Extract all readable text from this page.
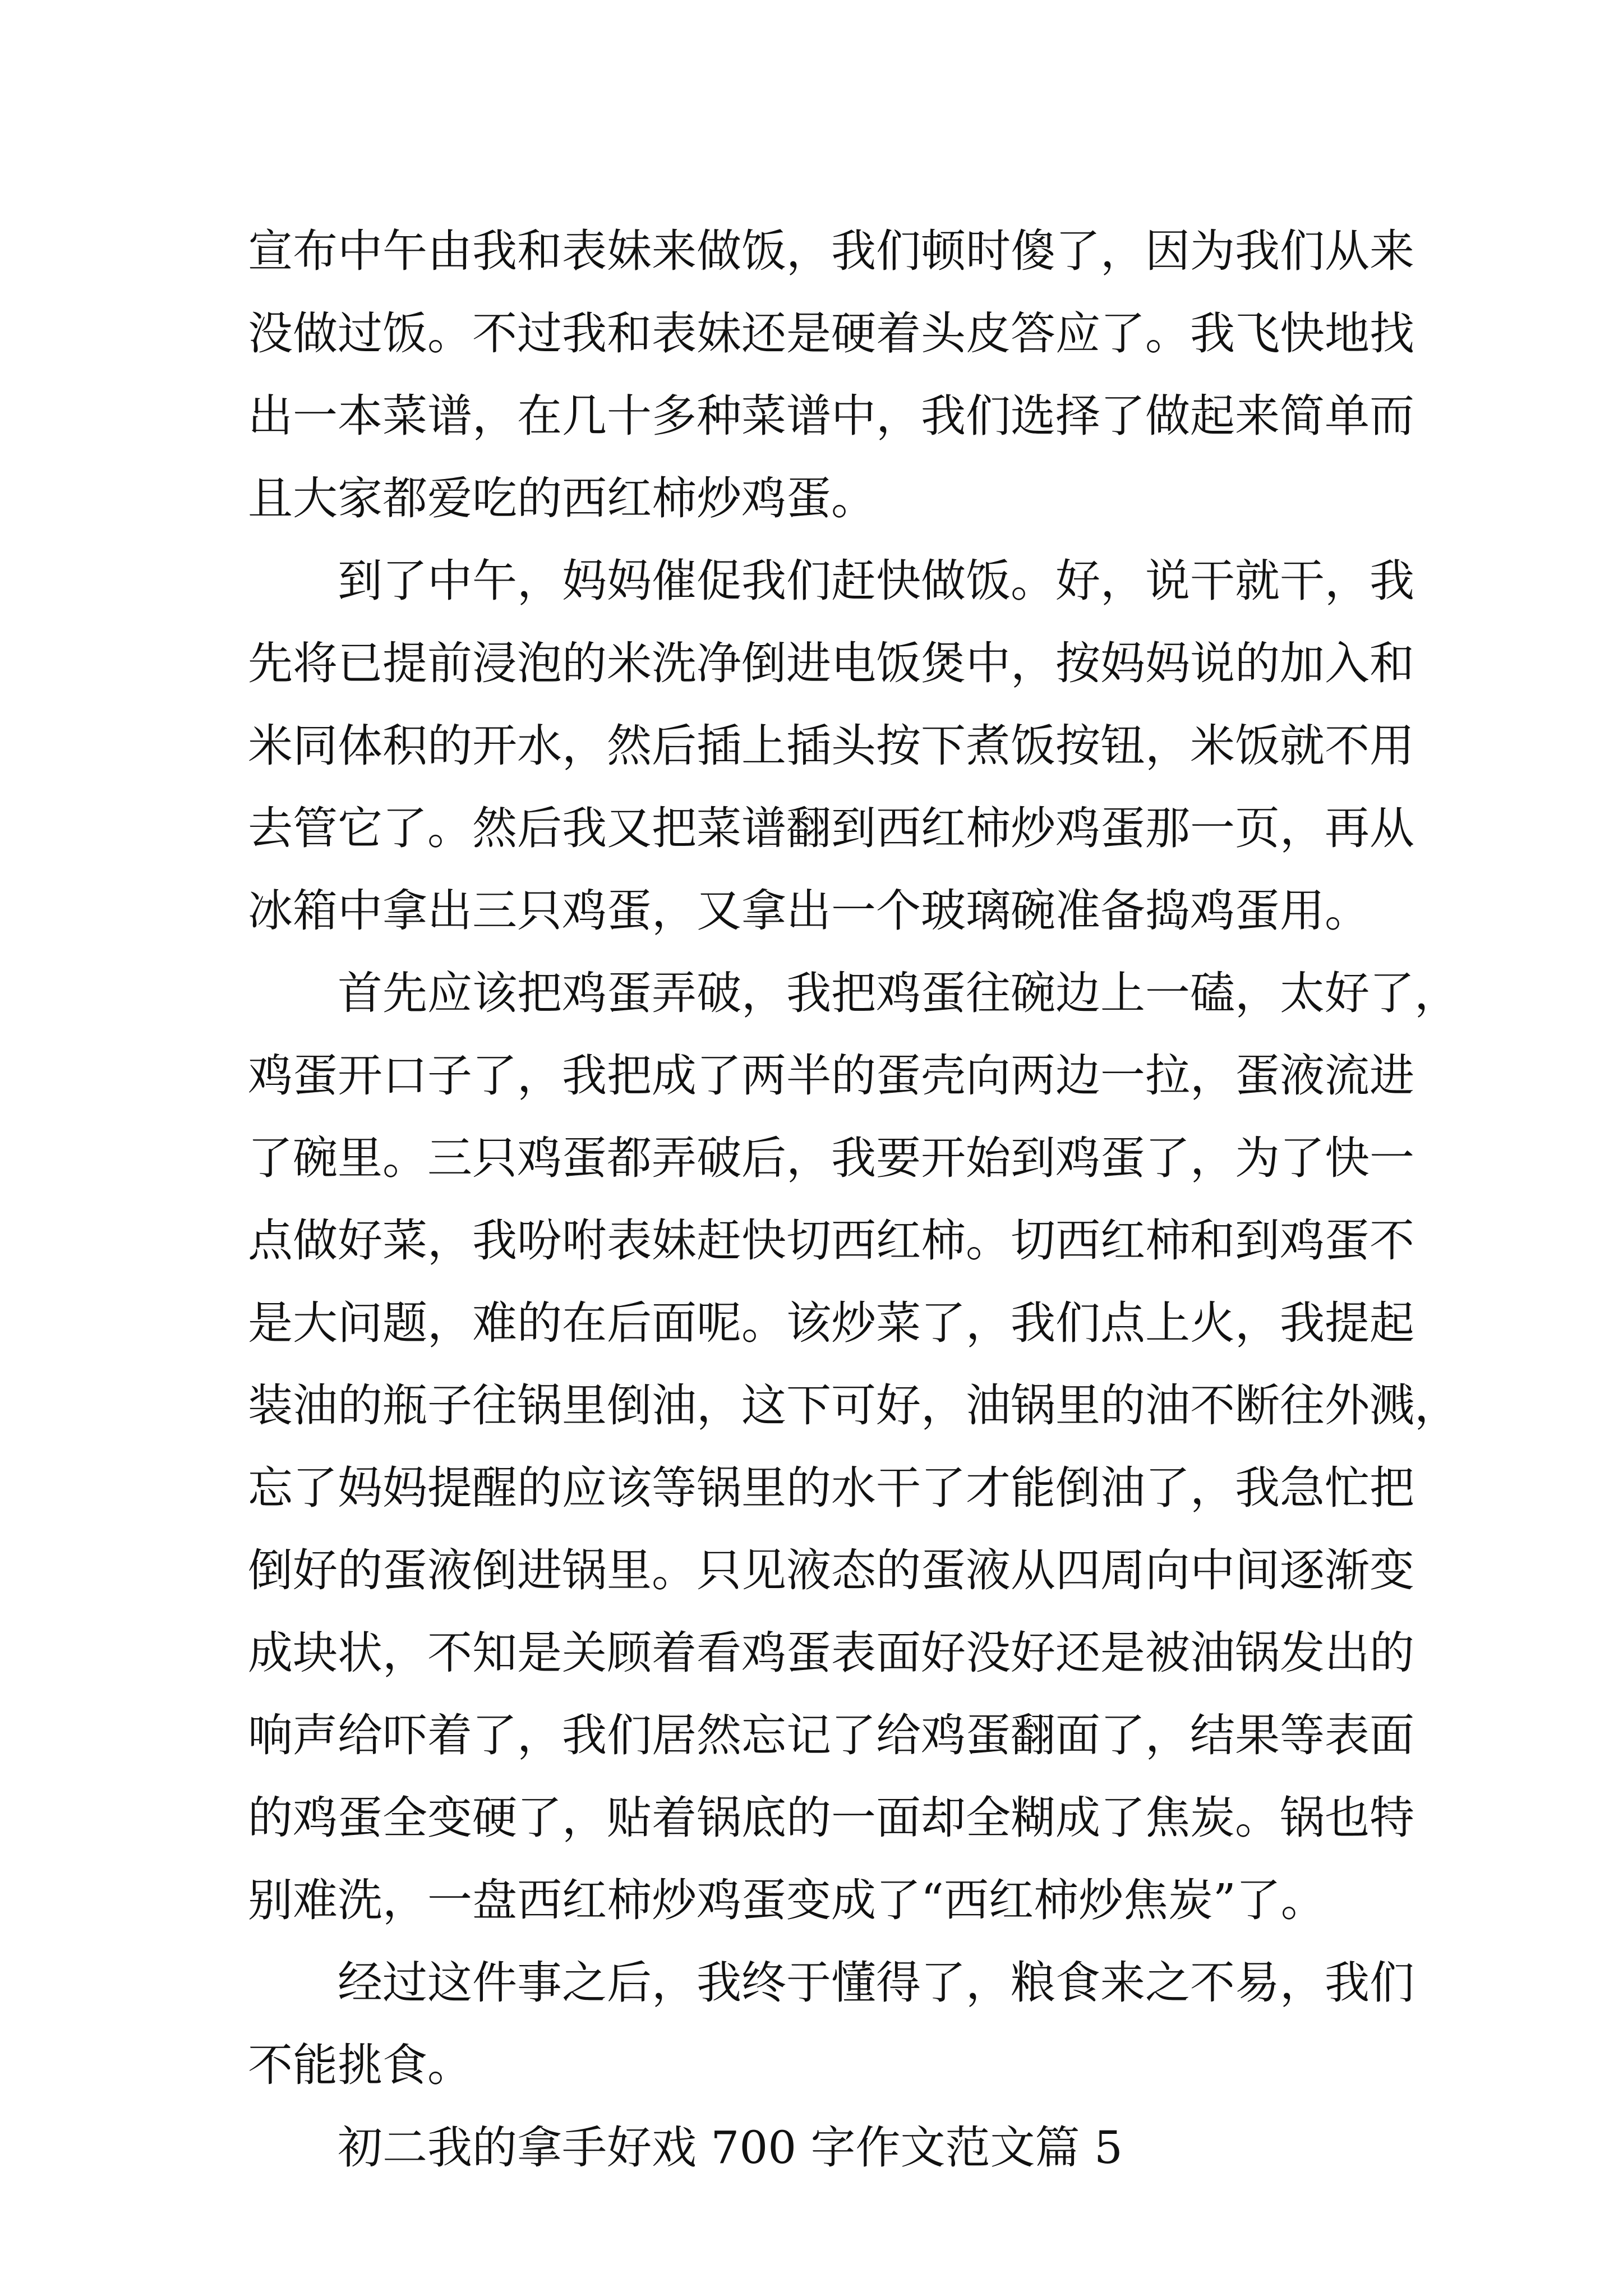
宣布中午由我和表妹来做饭，我们顿时傻了，因为我们从来
没做过饭。不过我和表妹还是硬着头皮答应了。我飞快地找
出一本菜谱，在几十多种菜谱中，我们选择了做起来简单而
且大家都爱吃的西红柿炒鸡蛋。
到了中午，妈妈催促我们赶快做饭。好，说干就干，我
先将已提前浸泡的米洗净倒进电饭煲中，按妈妈说的加入和
米同体积的开水，然后插上插头按下煮饭按钮，米饭就不用
去管它了。然后我又把菜谱翻到西红柿炒鸡蛋那一页，再从
冰箱中拿出三只鸡蛋，又拿出一个玻璃碗准备捣鸡蛋用。
首先应该把鸡蛋弄破，我把鸡蛋往碗边上一磕，太好了，
鸡蛋开口子了，我把成了两半的蛋壳向两边一拉，蛋液流进
了碗里。三只鸡蛋都弄破后，我要开始到鸡蛋了，为了快一
点做好菜，我吩咐表妹赶快切西红柿。切西红柿和到鸡蛋不
是大问题，难的在后面呢。该炒菜了，我们点上火，我提起
装油的瓶子往锅里倒油，这下可好，油锅里的油不断往外溅，
忘了妈妈提醒的应该等锅里的水干了才能倒油了，我急忙把
倒好的蛋液倒进锅里。只见液态的蛋液从四周向中间逐渐变
成块状，不知是关顾着看鸡蛋表面好没好还是被油锅发出的
响声给吓着了，我们居然忘记了给鸡蛋翻面了，结果等表面
的鸡蛋全变硬了，贴着锅底的一面却全糊成了焦炭。锅也特
别难洗，一盘西红柿炒鸡蛋变成了“西红柿炒焦炭”了。
经过这件事之后，我终于懂得了，粮食来之不易，我们
不能挑食。
初二我的拿手好戏 700 字作文范文篇 5
